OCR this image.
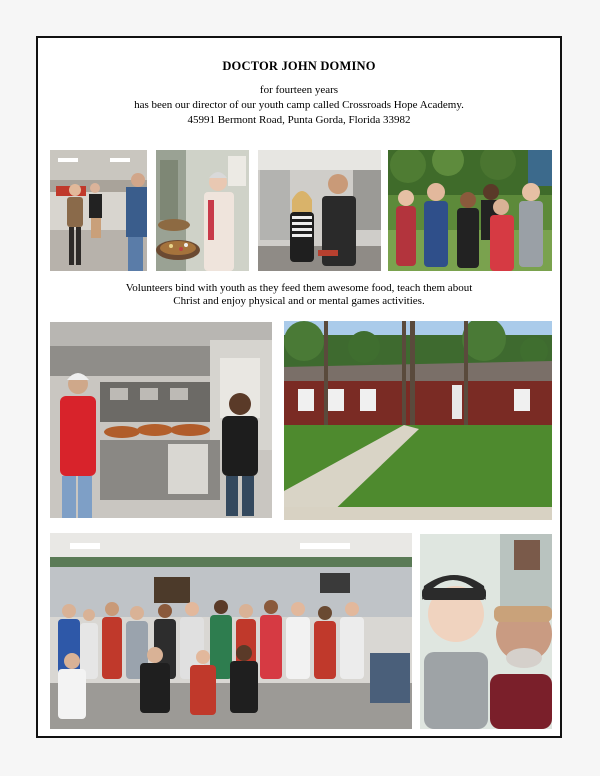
DOCTOR JOHN DOMINO
for fourteen years
has been our director of our youth camp called Crossroads Hope Academy.
45991 Bermont Road, Punta Gorda, Florida 33982
Volunteers bind with youth as they feed them awesome food, teach them about
Christ and enjoy physical and or mental games activities.
